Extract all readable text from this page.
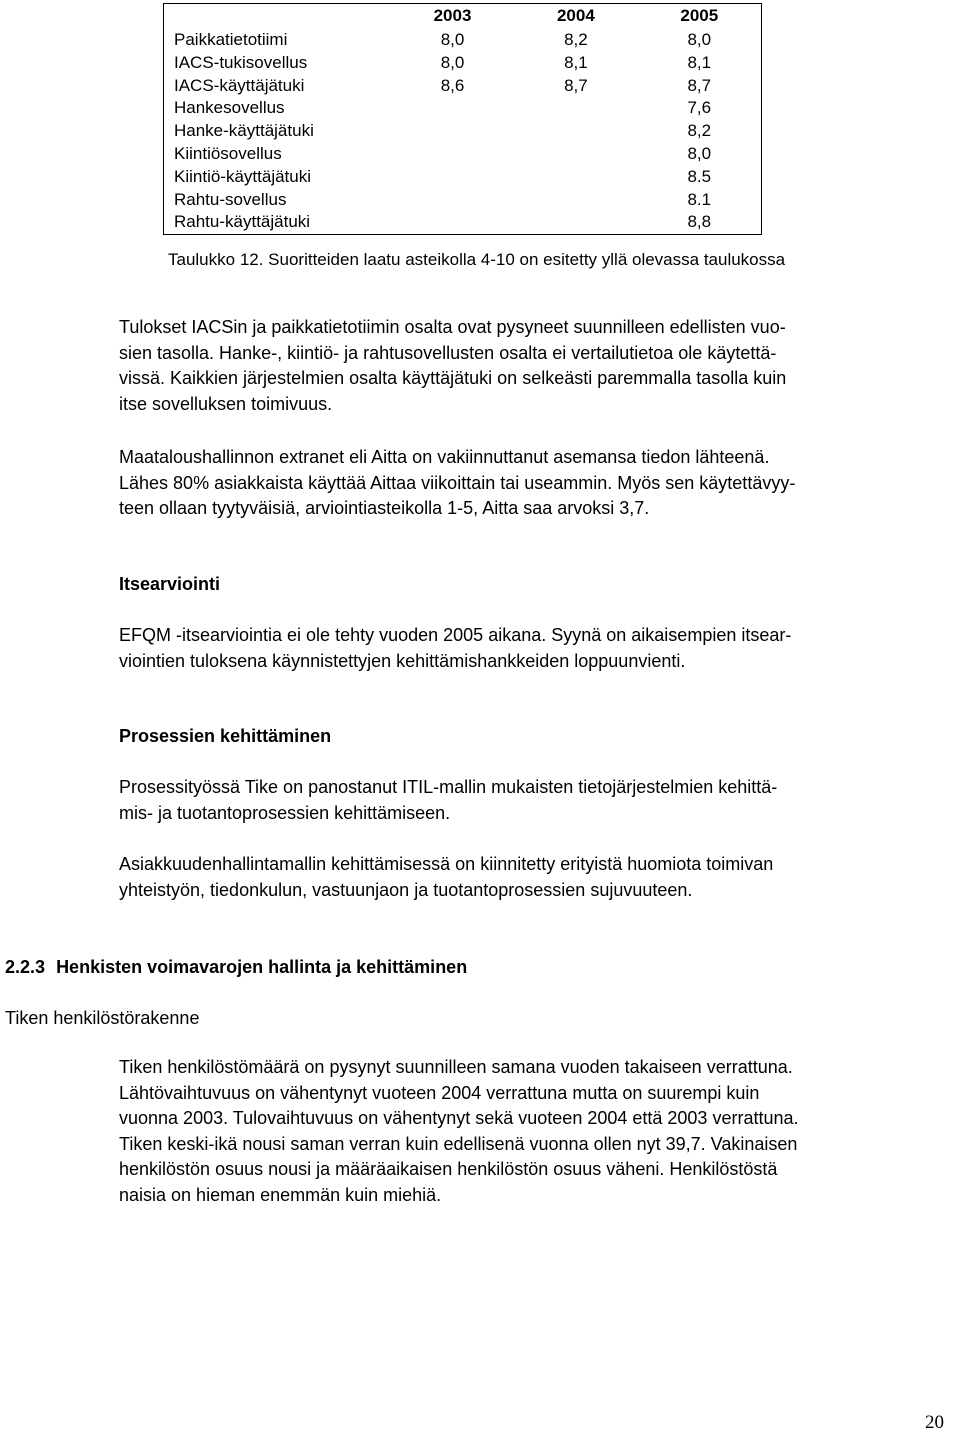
	2003	2004	2005
Paikkatietotiimi	8,0	8,2	8,0
IACS-tukisovellus	8,0	8,1	8,1
IACS-käyttäjätuki	8,6	8,7	8,7
Hankesovellus			7,6
Hanke-käyttäjätuki			8,2
Kiintiösovellus			8,0
Kiintiö-käyttäjätuki			8.5
Rahtu-sovellus			8.1
Rahtu-käyttäjätuki			8,8
Taulukko 12. Suoritteiden laatu asteikolla 4-10 on esitetty yllä olevassa taulukossa
Tulokset IACSin ja paikkatietotiimin osalta ovat pysyneet suunnilleen edellisten vuo-
sien tasolla. Hanke-, kiintiö- ja rahtusovellusten osalta ei vertailutietoa ole käytettä-
vissä. Kaikkien järjestelmien osalta käyttäjätuki on selkeästi paremmalla tasolla kuin
itse sovelluksen toimivuus.
Maataloushallinnon extranet eli Aitta on vakiinnuttanut asemansa tiedon lähteenä.
Lähes 80% asiakkaista käyttää Aittaa viikoittain tai useammin. Myös sen käytettävyy-
teen ollaan tyytyväisiä, arviointiasteikolla 1-5, Aitta saa arvoksi 3,7.
Itsearviointi
EFQM -itsearviointia ei ole tehty vuoden 2005 aikana. Syynä on aikaisempien itsear-
viointien tuloksena käynnistettyjen kehittämishankkeiden loppuunvienti.
Prosessien kehittäminen
Prosessityössä Tike on panostanut ITIL-mallin mukaisten tietojärjestelmien kehittä-
mis- ja tuotantoprosessien kehittämiseen.
Asiakkuudenhallintamallin kehittämisessä on kiinnitetty erityistä huomiota toimivan
yhteistyön, tiedonkulun, vastuunjaon ja tuotantoprosessien sujuvuuteen.
2.2.3 Henkisten voimavarojen hallinta ja kehittäminen
Tiken henkilöstörakenne
Tiken henkilöstömäärä on pysynyt suunnilleen samana vuoden takaiseen verrattuna.
Lähtövaihtuvuus on vähentynyt vuoteen 2004 verrattuna mutta on suurempi kuin
vuonna 2003. Tulovaihtuvuus on vähentynyt sekä vuoteen 2004 että 2003 verrattuna.
Tiken keski-ikä nousi saman verran kuin edellisenä vuonna ollen nyt 39,7. Vakinaisen
henkilöstön osuus nousi ja määräaikaisen henkilöstön osuus väheni. Henkilöstöstä
naisia on hieman enemmän kuin miehiä.
20
